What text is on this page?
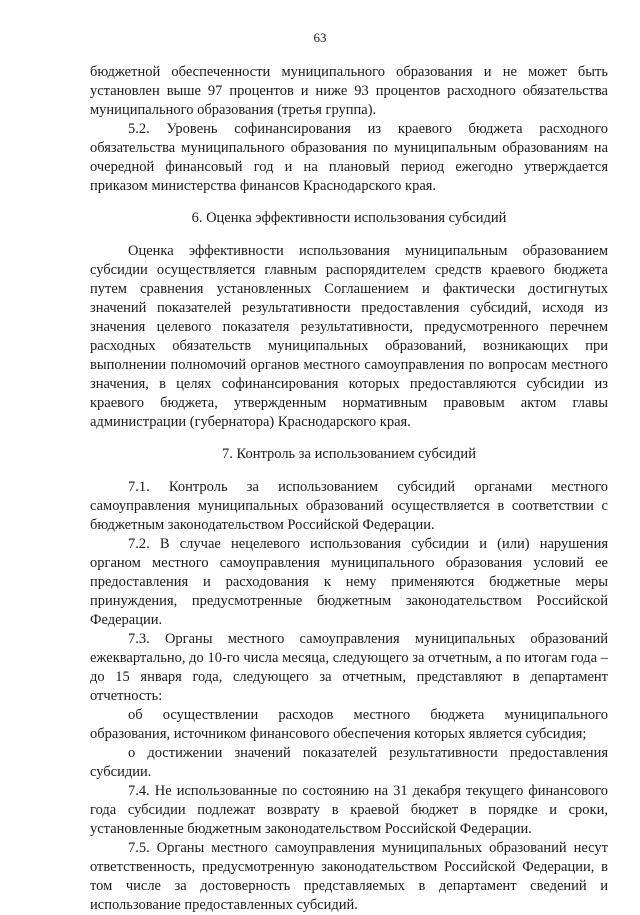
63

бюджетной обеспеченности муниципального образования и не может быть установлен выше 97 процентов и ниже 93 процентов расходного обязательства муниципального образования (третья группа).

5.2. Уровень софинансирования из краевого бюджета расходного обязательства муниципального образования по муниципальным образованиям на очередной финансовый год и на плановый период ежегодно утверждается приказом министерства финансов Краснодарского края.

6. Оценка эффективности использования субсидий

Оценка эффективности использования муниципальным образованием субсидии осуществляется главным распорядителем средств краевого бюджета путем сравнения установленных Соглашением и фактически достигнутых значений показателей результативности предоставления субсидий, исходя из значения целевого показателя результативности, предусмотренного перечнем расходных обязательств муниципальных образований, возникающих при выполнении полномочий органов местного самоуправления по вопросам местного значения, в целях софинансирования которых предоставляются субсидии из краевого бюджета, утвержденным нормативным правовым актом главы администрации (губернатора) Краснодарского края.

7. Контроль за использованием субсидий

7.1. Контроль за использованием субсидий органами местного самоуправления муниципальных образований осуществляется в соответствии с бюджетным законодательством Российской Федерации.

7.2. В случае нецелевого использования субсидии и (или) нарушения органом местного самоуправления муниципального образования условий ее предоставления и расходования к нему применяются бюджетные меры принуждения, предусмотренные бюджетным законодательством Российской Федерации.

7.3. Органы местного самоуправления муниципальных образований ежеквартально, до 10-го числа месяца, следующего за отчетным, а по итогам года – до 15 января года, следующего за отчетным, представляют в департамент отчетность:

об осуществлении расходов местного бюджета муниципального образования, источником финансового обеспечения которых является субсидия;

о достижении значений показателей результативности предоставления субсидии.

7.4. Не использованные по состоянию на 31 декабря текущего финансового года субсидии подлежат возврату в краевой бюджет в порядке и сроки, установленные бюджетным законодательством Российской Федерации.

7.5. Органы местного самоуправления муниципальных образований несут ответственность, предусмотренную законодательством Российской Федерации, в том числе за достоверность представляемых в департамент сведений и использование предоставленных субсидий.
